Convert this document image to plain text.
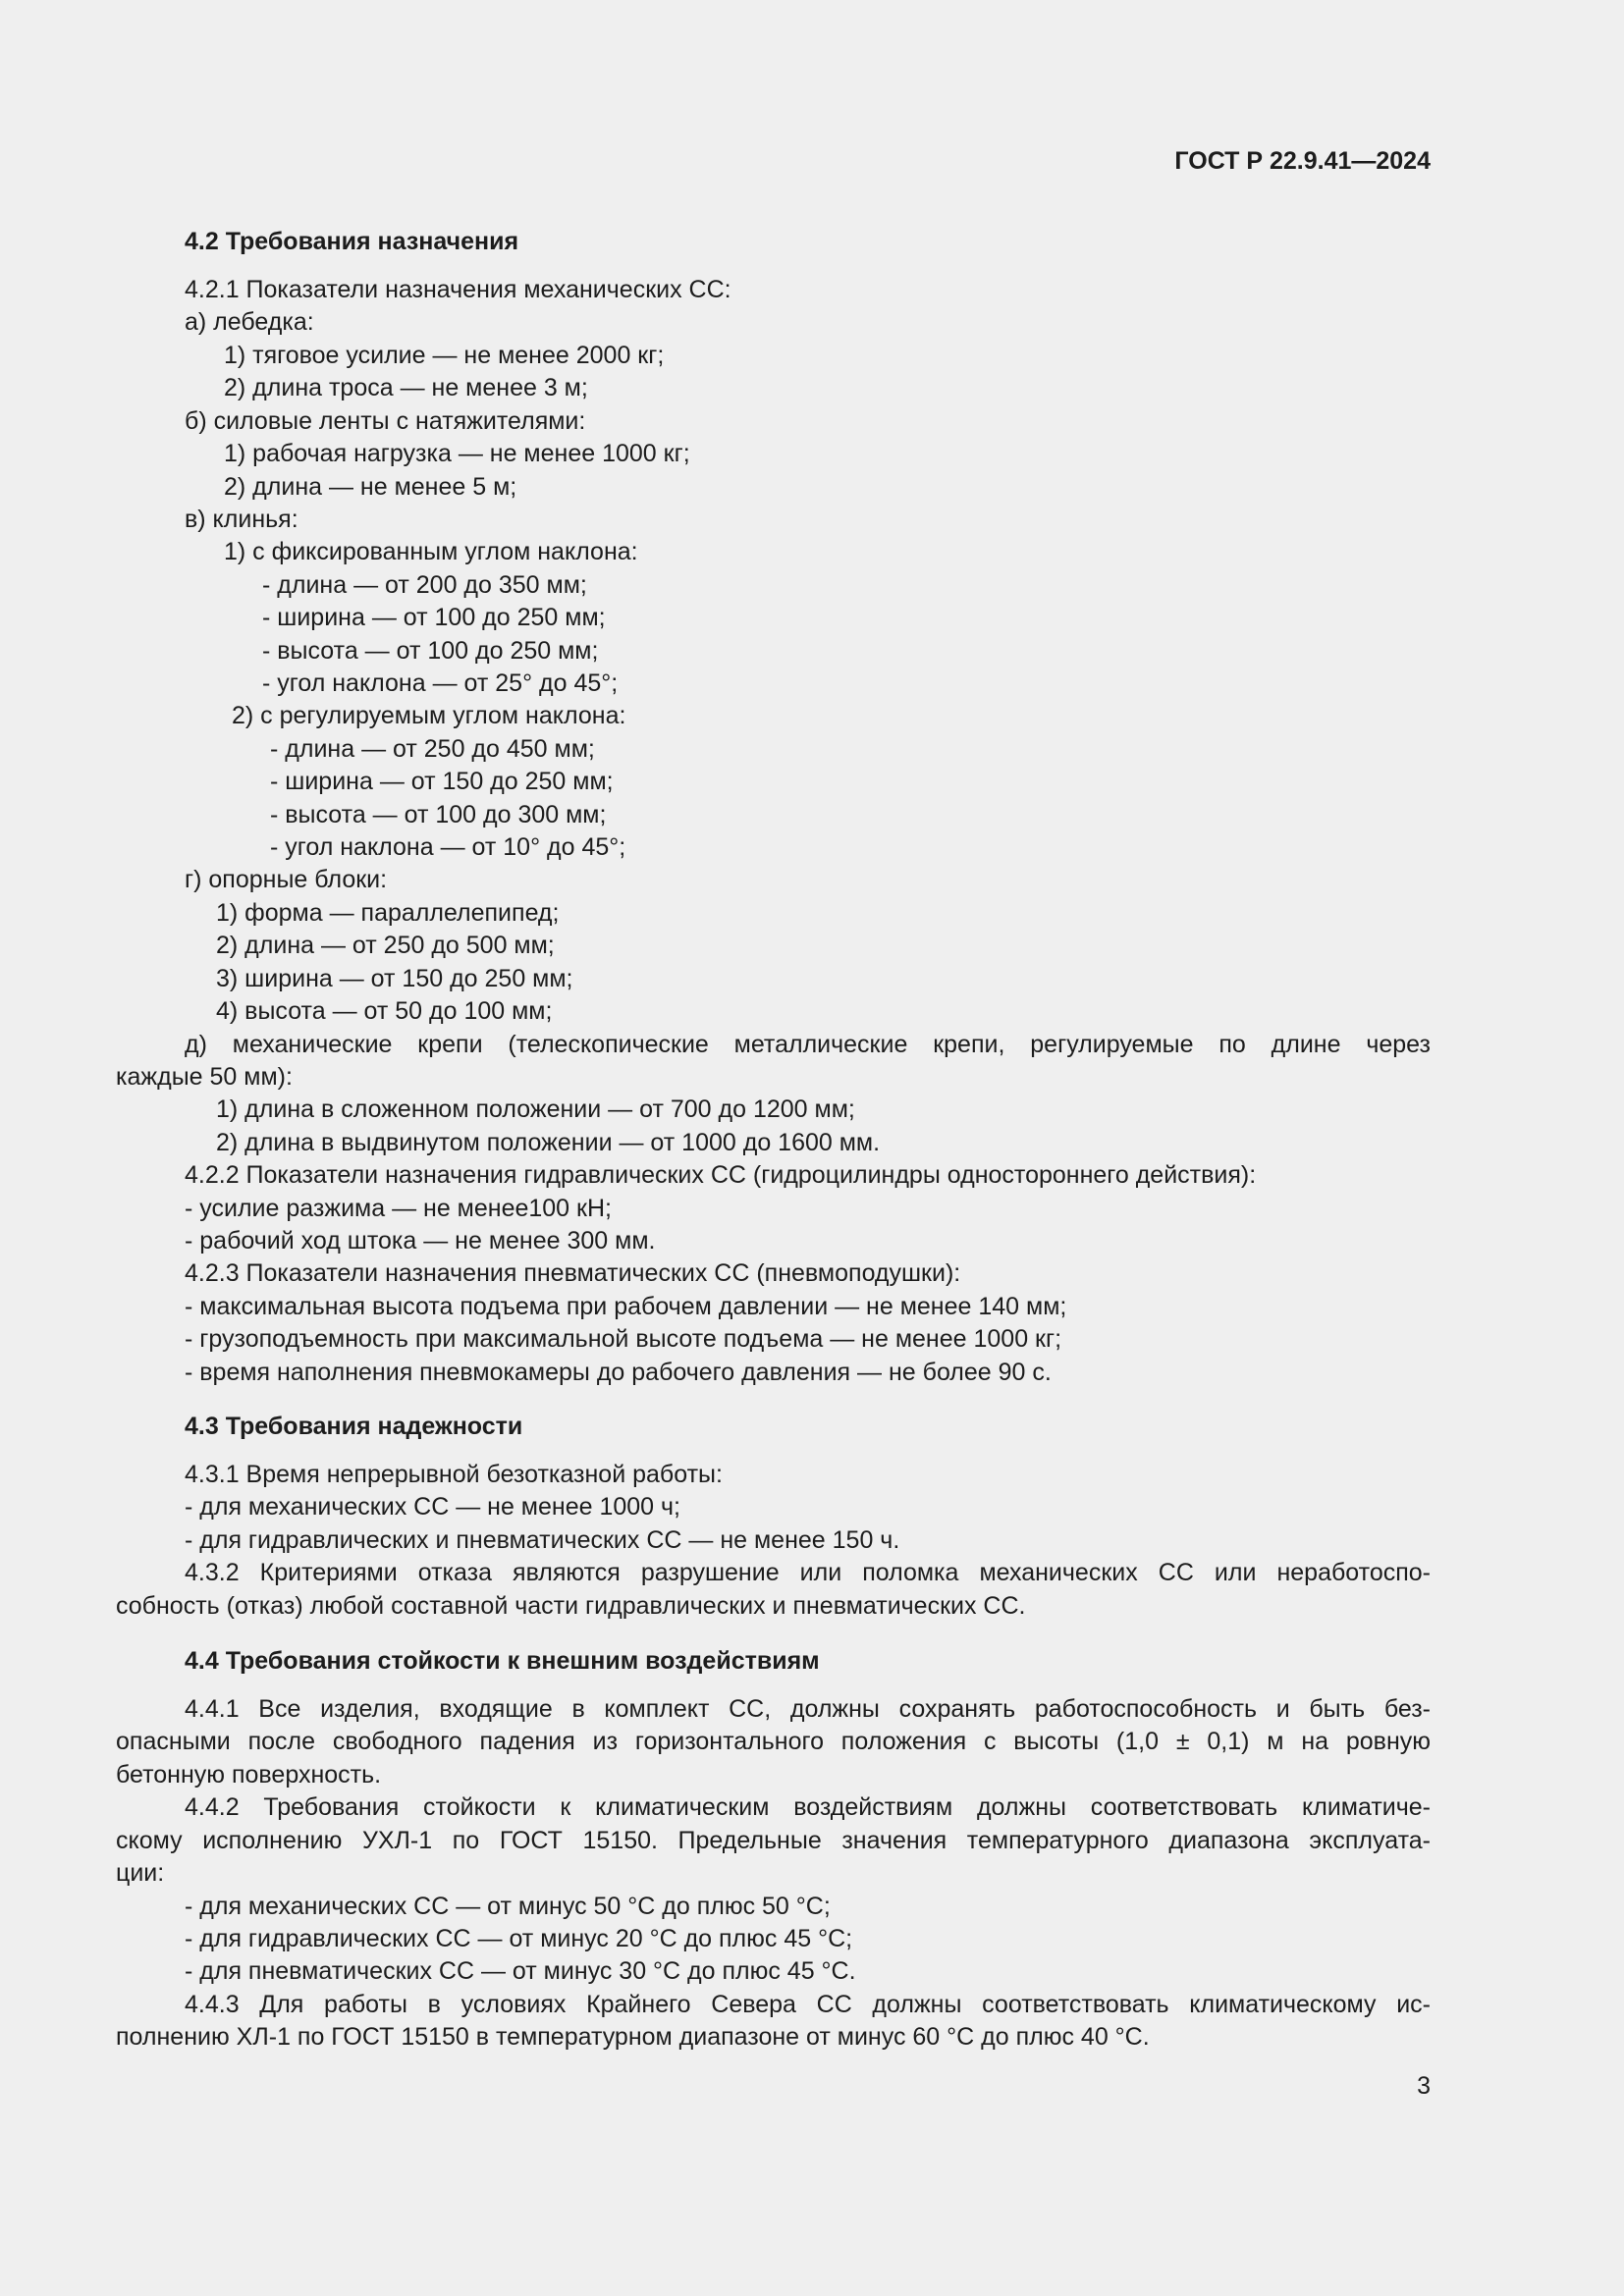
ГОСТ Р 22.9.41—2024
4.2 Требования назначения
4.2.1 Показатели назначения механических СС:
а) лебедка:
1) тяговое усилие — не менее 2000 кг;
2) длина троса — не менее 3 м;
б) силовые ленты с натяжителями:
1) рабочая нагрузка — не менее 1000 кг;
2) длина — не менее 5 м;
в) клинья:
1) с фиксированным углом наклона:
- длина — от 200 до 350 мм;
- ширина — от 100 до 250 мм;
- высота — от 100 до 250 мм;
- угол наклона — от 25° до 45°;
2) с регулируемым углом наклона:
- длина — от 250 до 450 мм;
- ширина — от 150 до 250 мм;
- высота — от 100 до 300 мм;
- угол наклона — от 10° до 45°;
г) опорные блоки:
1) форма — параллелепипед;
2) длина — от 250 до 500 мм;
3) ширина — от 150 до 250 мм;
4) высота — от 50 до 100 мм;
д) механические крепи (телескопические металлические крепи, регулируемые по длине через
каждые 50 мм):
1) длина в сложенном положении — от 700 до 1200 мм;
2) длина в выдвинутом положении — от 1000 до 1600 мм.
4.2.2 Показатели назначения гидравлических СС (гидроцилиндры одностороннего действия):
- усилие разжима — не менее100 кН;
- рабочий ход штока — не менее 300 мм.
4.2.3 Показатели назначения пневматических СС (пневмоподушки):
- максимальная высота подъема при рабочем давлении — не менее 140 мм;
- грузоподъемность при максимальной высоте подъема — не менее 1000 кг;
- время наполнения пневмокамеры до рабочего давления — не более 90 с.
4.3 Требования надежности
4.3.1 Время непрерывной безотказной работы:
- для механических СС — не менее 1000 ч;
- для гидравлических и пневматических СС — не менее 150 ч.
4.3.2 Критериями отказа являются разрушение или поломка механических СС или неработоспо-
собность (отказ) любой составной части гидравлических и пневматических СС.
4.4 Требования стойкости к внешним воздействиям
4.4.1 Все изделия, входящие в комплект СС, должны сохранять работоспособность и быть без-
опасными после свободного падения из горизонтального положения с высоты (1,0 ± 0,1) м на ровную
бетонную поверхность.
4.4.2 Требования стойкости к климатическим воздействиям должны соответствовать климатиче-
скому исполнению УХЛ-1 по ГОСТ 15150. Предельные значения температурного диапазона эксплуата-
ции:
- для механических СС — от минус 50 °С до плюс 50 °С;
- для гидравлических СС — от минус 20 °С до плюс 45 °С;
- для пневматических СС — от минус 30 °С до плюс 45 °С.
4.4.3 Для работы в условиях Крайнего Севера СС должны соответствовать климатическому ис-
полнению ХЛ-1 по ГОСТ 15150 в температурном диапазоне от минус 60 °С до плюс 40 °С.
3
